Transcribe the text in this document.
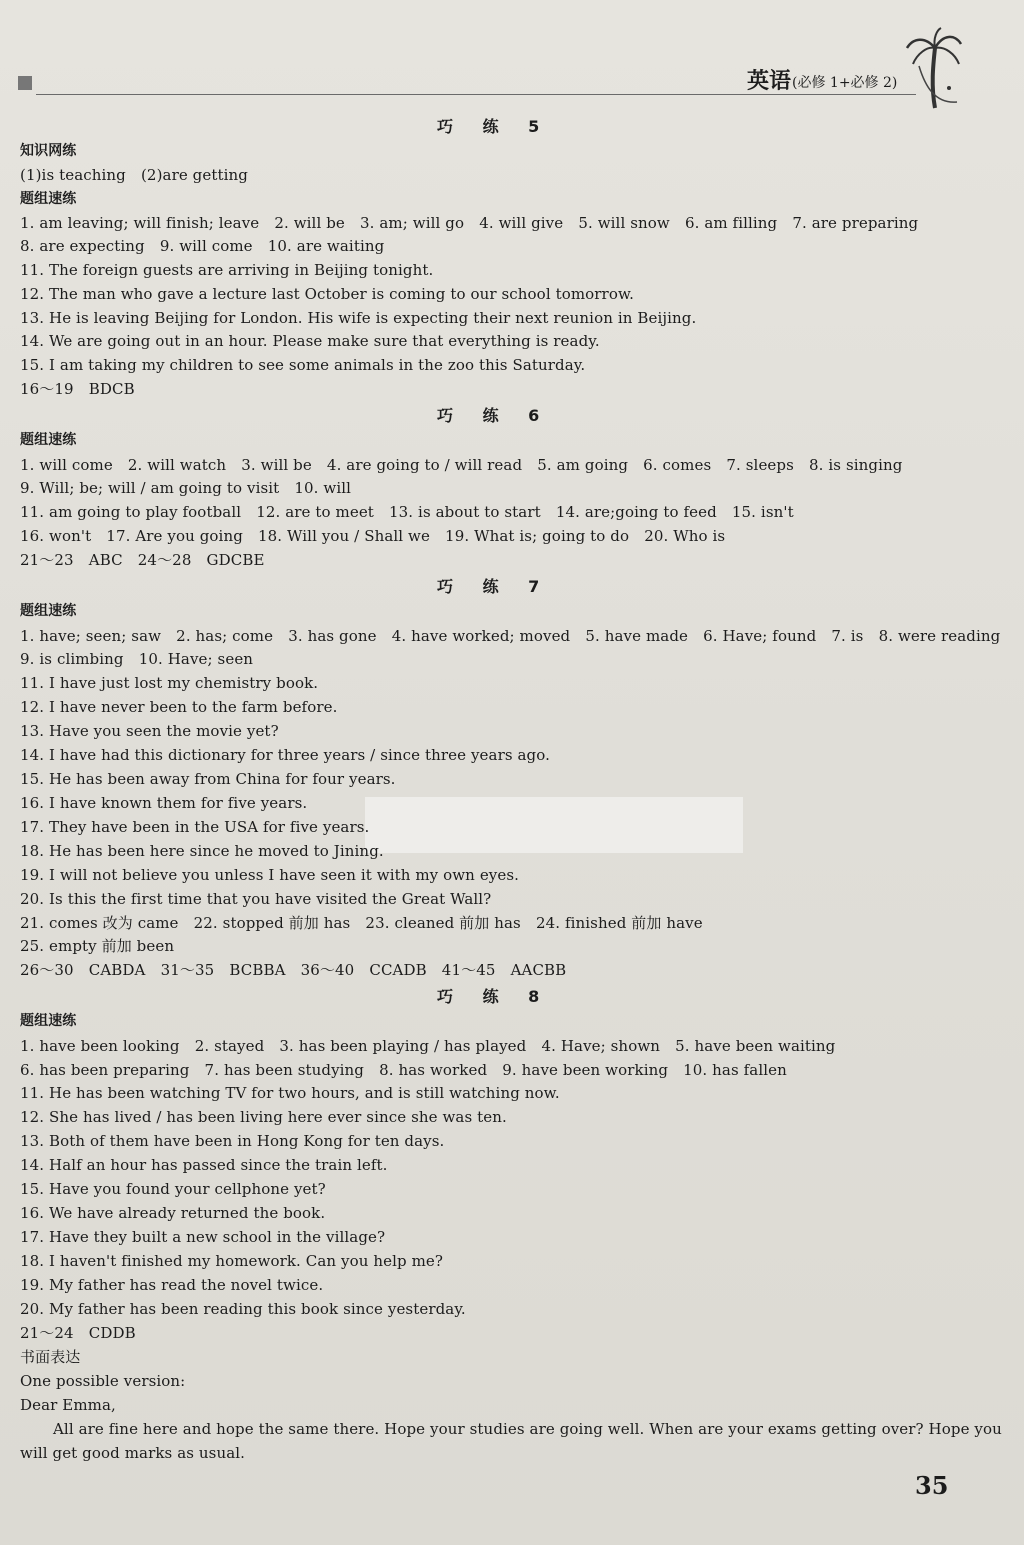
英语 (必修 1+必修 2)
巧 练 5
知识网练
(1)is teaching　(2)are getting
题组速练
1. am leaving; will finish; leave　2. will be　3. am; will go　4. will give　5. will snow　6. am filling　7. are preparing
8. are expecting　9. will come　10. are waiting
11. The foreign guests are arriving in Beijing tonight.
12. The man who gave a lecture last October is coming to our school tomorrow.
13. He is leaving Beijing for London. His wife is expecting their next reunion in Beijing.
14. We are going out in an hour. Please make sure that everything is ready.
15. I am taking my children to see some animals in the zoo this Saturday.
16～19　BDCB
巧 练 6
题组速练
1. will come　2. will watch　3. will be　4. are going to / will read　5. am going　6. comes　7. sleeps　8. is singing
9. Will; be; will / am going to visit　10. will
11. am going to play football　12. are to meet　13. is about to start　14. are;going to feed　15. isn't
16. won't　17. Are you going　18. Will you / Shall we　19. What is; going to do　20. Who is
21～23　ABC　24～28　GDCBE
巧 练 7
题组速练
1. have; seen; saw　2. has; come　3. has gone　4. have worked; moved　5. have made　6. Have; found　7. is　8. were reading
9. is climbing　10. Have; seen
11. I have just lost my chemistry book.
12. I have never been to the farm before.
13. Have you seen the movie yet?
14. I have had this dictionary for three years / since three years ago.
15. He has been away from China for four years.
16. I have known them for five years.
17. They have been in the USA for five years.
18. He has been here since he moved to Jining.
19. I will not believe you unless I have seen it with my own eyes.
20. Is this the first time that you have visited the Great Wall?
21. comes 改为 came　22. stopped 前加 has　23. cleaned 前加 has　24. finished 前加 have
25. empty 前加 been
26～30　CABDA　31～35　BCBBA　36～40　CCADB　41～45　AACBB
巧 练 8
题组速练
1. have been looking　2. stayed　3. has been playing / has played　4. Have; shown　5. have been waiting
6. has been preparing　7. has been studying　8. has worked　9. have been working　10. has fallen
11. He has been watching TV for two hours, and is still watching now.
12. She has lived / has been living here ever since she was ten.
13. Both of them have been in Hong Kong for ten days.
14. Half an hour has passed since the train left.
15. Have you found your cellphone yet?
16. We have already returned the book.
17. Have they built a new school in the village?
18. I haven't finished my homework. Can you help me?
19. My father has read the novel twice.
20. My father has been reading this book since yesterday.
21～24　CDDB
书面表达
One possible version:
Dear Emma,
All are fine here and hope the same there. Hope your studies are going well. When are your exams getting over? Hope you
will get good marks as usual.
35
